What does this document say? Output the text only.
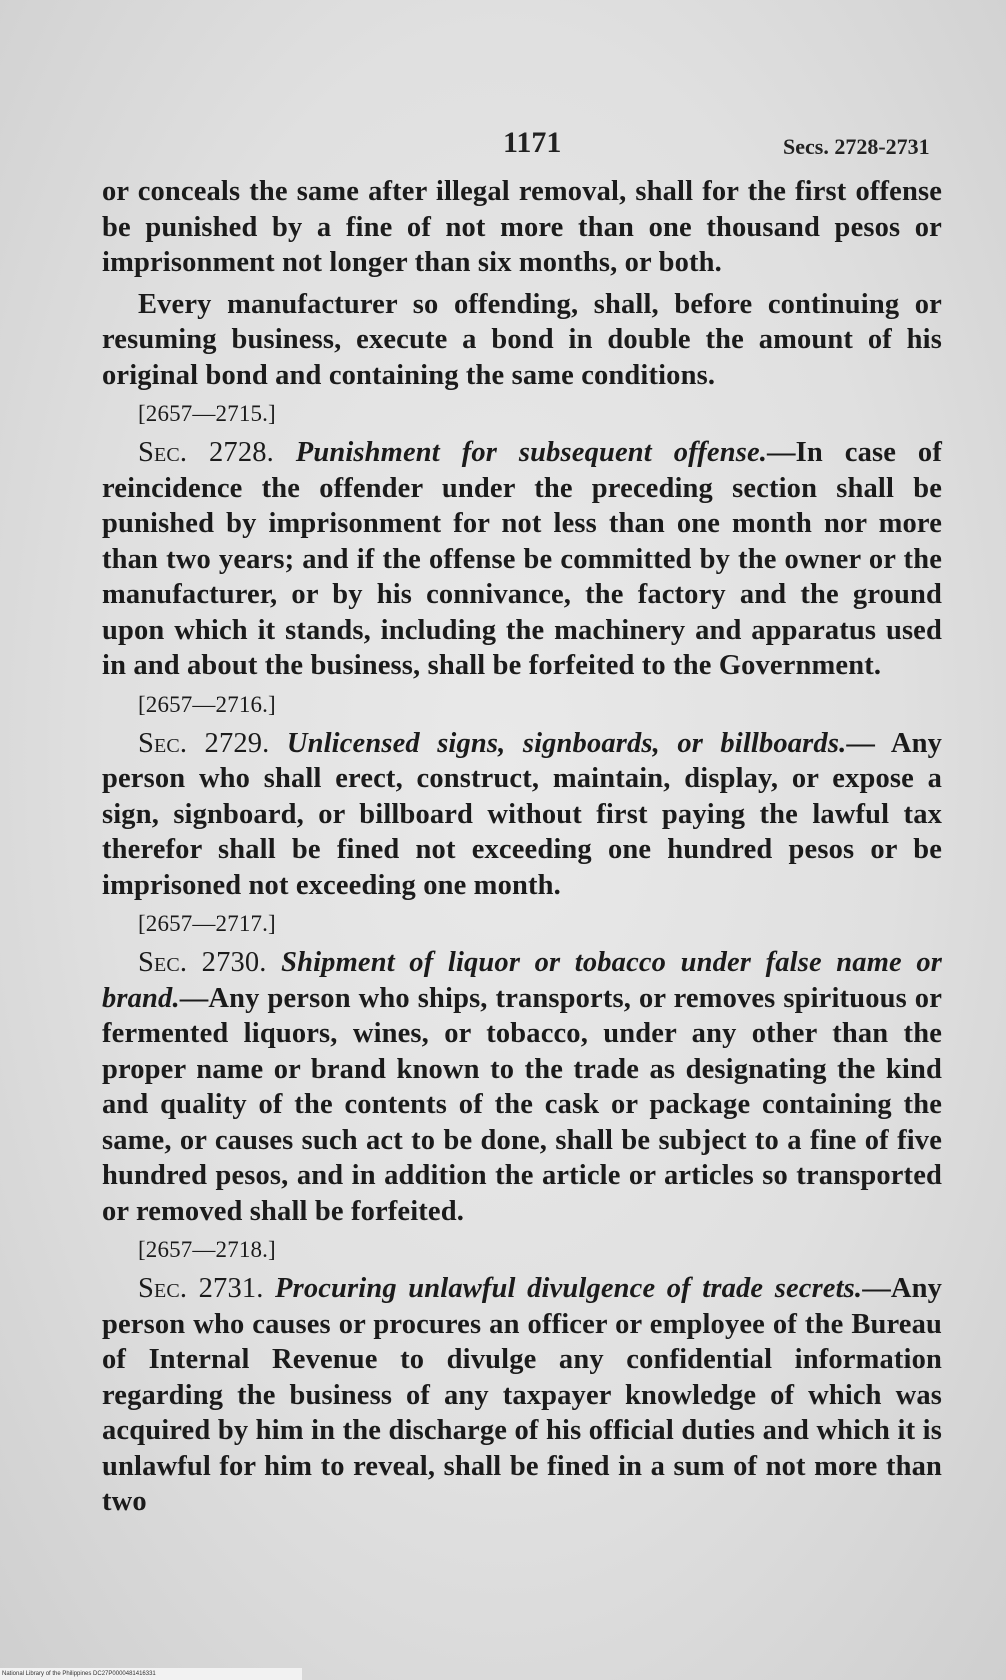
1171	Secs. 2728-2731

or conceals the same after illegal removal, shall for the first offense be punished by a fine of not more than one thousand pesos or imprisonment not longer than six months, or both.

Every manufacturer so offending, shall, before continuing or resuming business, execute a bond in double the amount of his original bond and containing the same conditions.

[2657—2715.]

Sec. 2728. Punishment for subsequent offense.—In case of reincidence the offender under the preceding section shall be punished by imprisonment for not less than one month nor more than two years; and if the offense be committed by the owner or the manufacturer, or by his connivance, the factory and the ground upon which it stands, including the machinery and apparatus used in and about the business, shall be forfeited to the Government.

[2657—2716.]

Sec. 2729. Unlicensed signs, signboards, or billboards.— Any person who shall erect, construct, maintain, display, or expose a sign, signboard, or billboard without first paying the lawful tax therefor shall be fined not exceeding one hundred pesos or be imprisoned not exceeding one month.

[2657—2717.]

Sec. 2730. Shipment of liquor or tobacco under false name or brand.—Any person who ships, transports, or removes spirituous or fermented liquors, wines, or tobacco, under any other than the proper name or brand known to the trade as designating the kind and quality of the contents of the cask or package containing the same, or causes such act to be done, shall be subject to a fine of five hundred pesos, and in addition the article or articles so transported or removed shall be forfeited.

[2657—2718.]

Sec. 2731. Procuring unlawful divulgence of trade secrets.—Any person who causes or procures an officer or employee of the Bureau of Internal Revenue to divulge any confidential information regarding the business of any taxpayer knowledge of which was acquired by him in the discharge of his official duties and which it is unlawful for him to reveal, shall be fined in a sum of not more than two

National Library of the Philippines DC27P0000481416331
